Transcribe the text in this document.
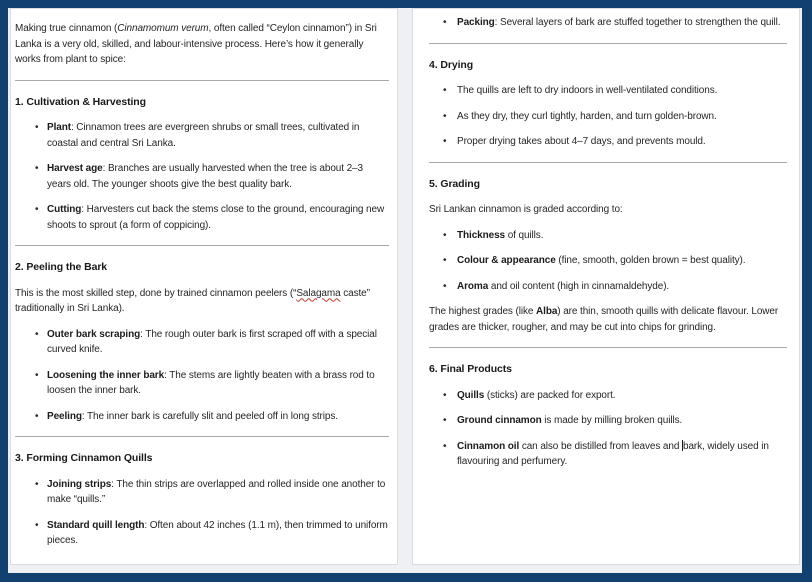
Making true cinnamon (Cinnamomum verum, often called “Ceylon cinnamon”) in Sri Lanka is a very old, skilled, and labour-intensive process. Here’s how it generally works from plant to spice:

1. Cultivation & Harvesting
• Plant: Cinnamon trees are evergreen shrubs or small trees, cultivated in coastal and central Sri Lanka.
• Harvest age: Branches are usually harvested when the tree is about 2–3 years old. The younger shoots give the best quality bark.
• Cutting: Harvesters cut back the stems close to the ground, encouraging new shoots to sprout (a form of coppicing).
2. Peeling the Bark

This is the most skilled step, done by trained cinnamon peelers (“Salagama caste” traditionally in Sri Lanka).

• Outer bark scraping: The rough outer bark is first scraped off with a special curved knife.
• Loosening the inner bark: The stems are lightly beaten with a brass rod to loosen the inner bark.
• Peeling: The inner bark is carefully slit and peeled off in long strips.
3. Forming Cinnamon Quills
• Joining strips: The thin strips are overlapped and rolled inside one another to make “quills.”
• Standard quill length: Often about 42 inches (1.1 m), then trimmed to uniform pieces.
• Packing: Several layers of bark are stuffed together to strengthen the quill.
4. Drying
• The quills are left to dry indoors in well-ventilated conditions.
• As they dry, they curl tightly, harden, and turn golden-brown.
• Proper drying takes about 4–7 days, and prevents mould.
5. Grading

Sri Lankan cinnamon is graded according to:

• Thickness of quills.
• Colour & appearance (fine, smooth, golden brown = best quality).
• Aroma and oil content (high in cinnamaldehyde).

The highest grades (like Alba) are thin, smooth quills with delicate flavour. Lower grades are thicker, rougher, and may be cut into chips for grinding.

6. Final Products
• Quills (sticks) are packed for export.
• Ground cinnamon is made by milling broken quills.
• Cinnamon oil can also be distilled from leaves and bark, widely used in flavouring and perfumery.
